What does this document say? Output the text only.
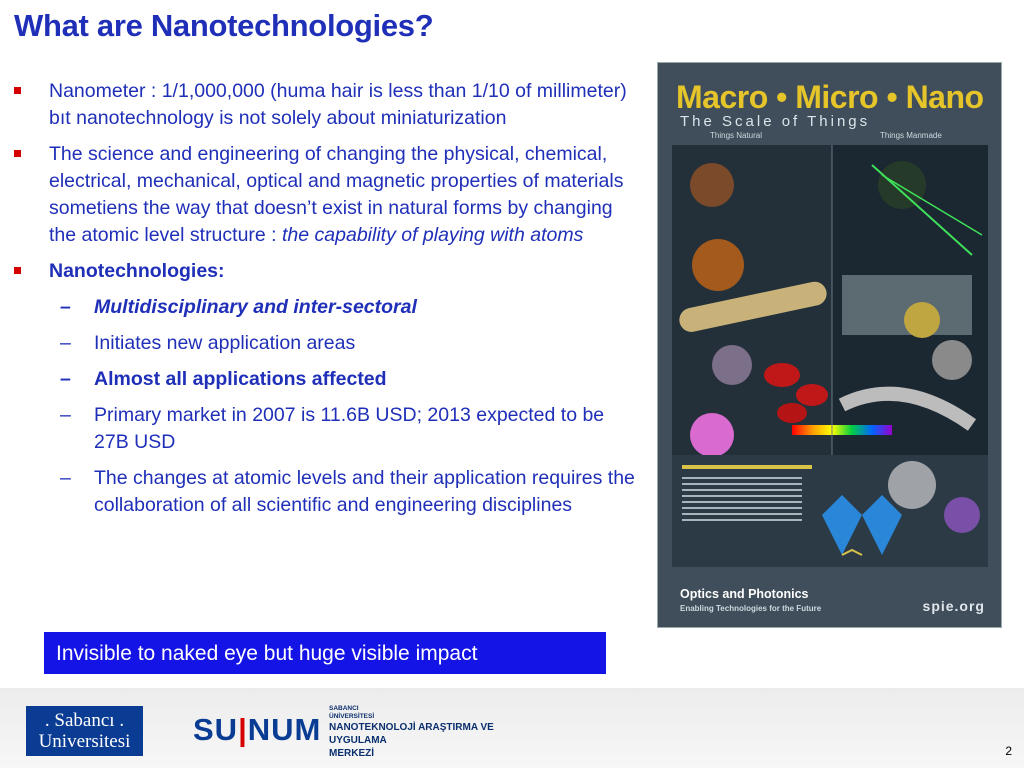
What are Nanotechnologies?
Nanometer : 1/1,000,000 (huma hair is less than 1/10 of millimeter) bıt nanotechnology is not solely about miniaturization
The science and engineering of changing the physical, chemical, electrical, mechanical, optical and magnetic properties of materials sometiens the way that doesn’t exist in natural forms by changing the atomic level structure : the capability of playing with atoms
Nanotechnologies:
– Multidisciplinary and inter-sectoral
– Initiates new application areas
– Almost all applications affected
– Primary market in 2007 is 11.6B USD; 2013 expected to be 27B USD
– The changes at atomic levels and their application requires the collaboration of all scientific and engineering disciplines
Invisible to naked eye but huge visible impact
Macro • Micro • Nano
The Scale of Things
Things Natural	Things Manmade
Optics and Photonics
Enabling Technologies for the Future	spie.org
. Sabancı .
Universitesi	SU|NUM
SABANCI
ÜNİVERSİTESİ
NANOTEKNOLOJİ ARAŞTIRMA VE
UYGULAMA
MERKEZİ	2
